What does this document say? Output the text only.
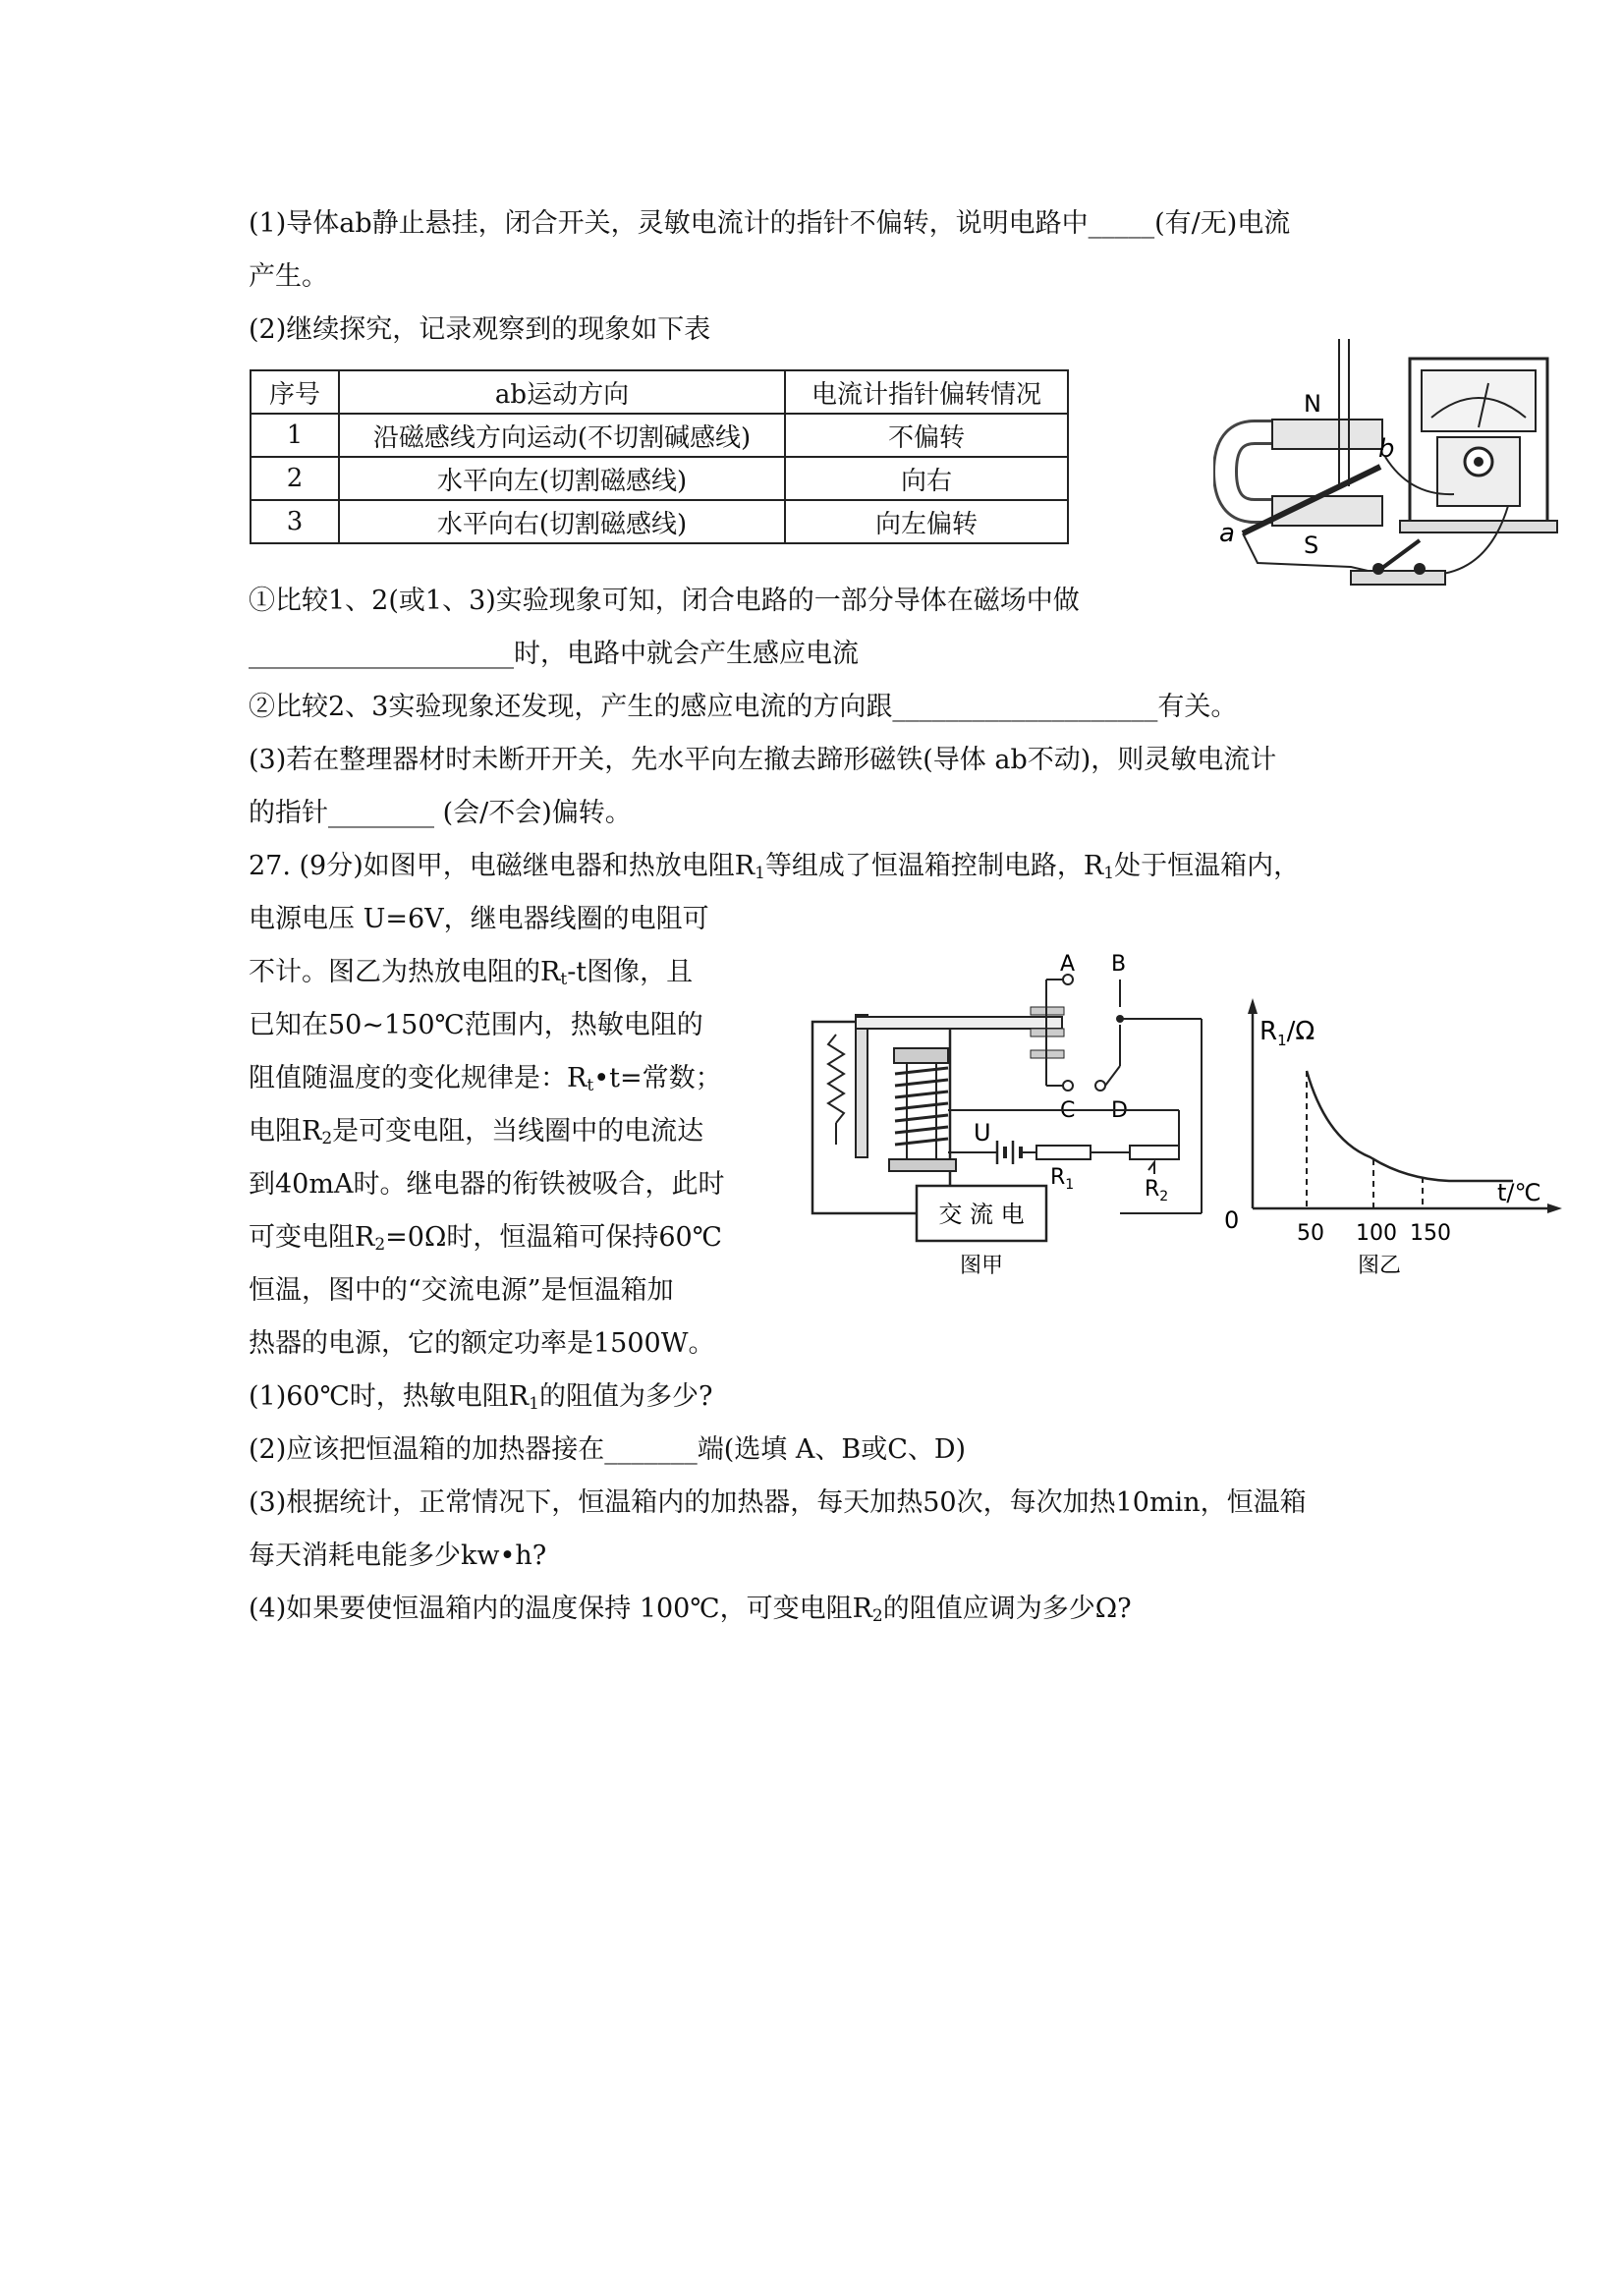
(1)导体ab静止悬挂，闭合开关，灵敏电流计的指针不偏转，说明电路中_____(有/无)电流
产生。
(2)继续探究，记录观察到的现象如下表
序号	ab运动方向	电流计指针偏转情况
1	沿磁感线方向运动(不切割碱感线)	不偏转
2	水平向左(切割磁感线)	向右
3	水平向右(切割磁感线)	向左偏转
N
S
a
b
①比较1、2(或1、3)实验现象可知，闭合电路的一部分导体在磁场中做
____________________时，电路中就会产生感应电流
②比较2、3实验现象还发现，产生的感应电流的方向跟____________________有关。
(3)若在整理器材时未断开开关，先水平向左撤去蹄形磁铁(导体 ab不动)，则灵敏电流计
的指针________ (会/不会)偏转。
27. (9分)如图甲，电磁继电器和热放电阻$R_1$等组成了恒温箱控制电路，$R_1$处于恒温箱内，
电源电压 U=6V，继电器线圈的电阻可
不计。图乙为热放电阻的$R_t-t$图像，且
已知在50~150℃范围内，热敏电阻的
阻值随温度的变化规律是：$R_t•t=$常数；
电阻$R_2$是可变电阻，当线圈中的电流达
到40mA时。继电器的衔铁被吸合，此时
可变电阻$R_2=0\Omega$时，恒温箱可保持60℃
恒温，图中的“交流电源”是恒温箱加
热器的电源，它的额定功率是1500W。
A B
C D
U
$R_1$	$R_2$
交 流 电
图甲
$R_1/\Omega$
t/℃
0	50 100 150
图乙
(1)60℃时，热敏电阻$R_1$的阻值为多少?
(2)应该把恒温箱的加热器接在_______端(选填 A、B或C、D)
(3)根据统计，正常情况下，恒温箱内的加热器，每天加热50次，每次加热10min，恒温箱
每天消耗电能多少kw•h?
(4)如果要使恒温箱内的温度保持 100℃，可变电阻$R_2$的阻值应调为多少Ω?
